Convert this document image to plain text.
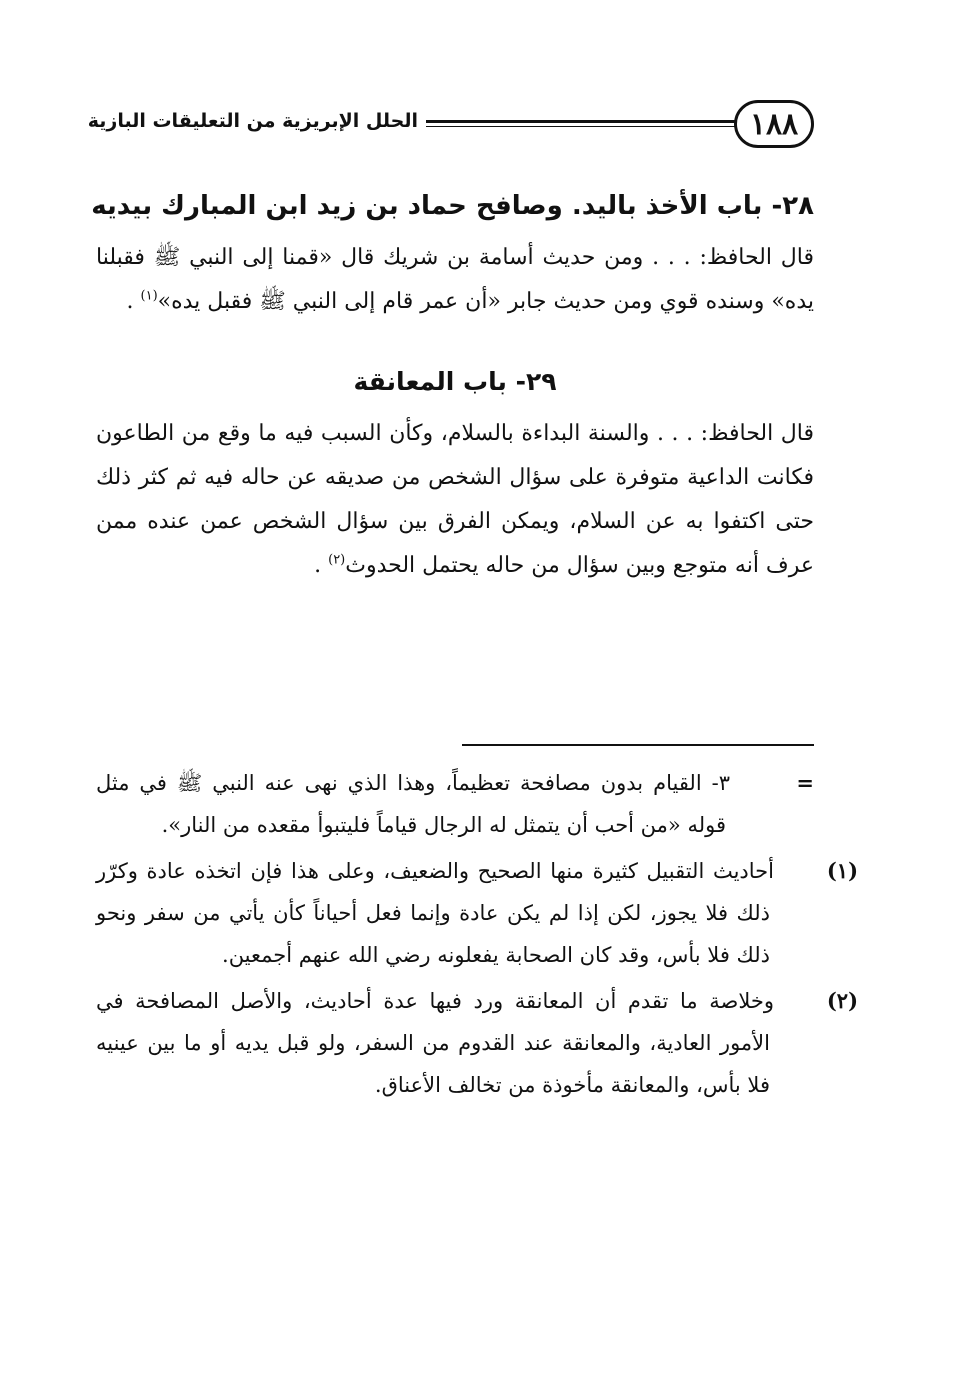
١٨٨
الحلل الإبريزية من التعليقات البازية
٢٨- باب الأخذ باليد. وصافح حماد بن زيد ابن المبارك بيديه

قال الحافظ: . . . ومن حديث أسامة بن شريك قال «قمنا إلى النبي ﷺ فقبلنا يده» وسنده قوي ومن حديث جابر «أن عمر قام إلى النبي ﷺ فقبل يده»$^{(١)}$ .

٢٩- باب المعانقة

قال الحافظ: . . . والسنة البداءة بالسلام، وكأن السبب فيه ما وقع من الطاعون فكانت الداعية متوفرة على سؤال الشخص من صديقه عن حاله فيه ثم كثر ذلك حتى اكتفوا به عن السلام، ويمكن الفرق بين سؤال الشخص عمن عنده ممن عرف أنه متوجع وبين سؤال من حاله يحتمل الحدوث$^{(٢)}$ .

=٣- القيام بدون مصافحة تعظيماً، وهذا الذي نهى عنه النبي ﷺ في مثل قوله «من أحب أن يتمثل له الرجال قياماً فليتبوأ مقعده من النار».

(١)أحاديث التقبيل كثيرة منها الصحيح والضعيف، وعلى هذا فإن اتخذه عادة وكرّر ذلك فلا يجوز، لكن إذا لم يكن عادة وإنما فعل أحياناً كأن يأتي من سفر ونحو ذلك فلا بأس، وقد كان الصحابة يفعلونه رضي الله عنهم أجمعين.

(٢)وخلاصة ما تقدم أن المعانقة ورد فيها عدة أحاديث، والأصل المصافحة في الأمور العادية، والمعانقة عند القدوم من السفر، ولو قبل يديه أو ما بين عينيه فلا بأس، والمعانقة مأخوذة من تخالف الأعناق.
